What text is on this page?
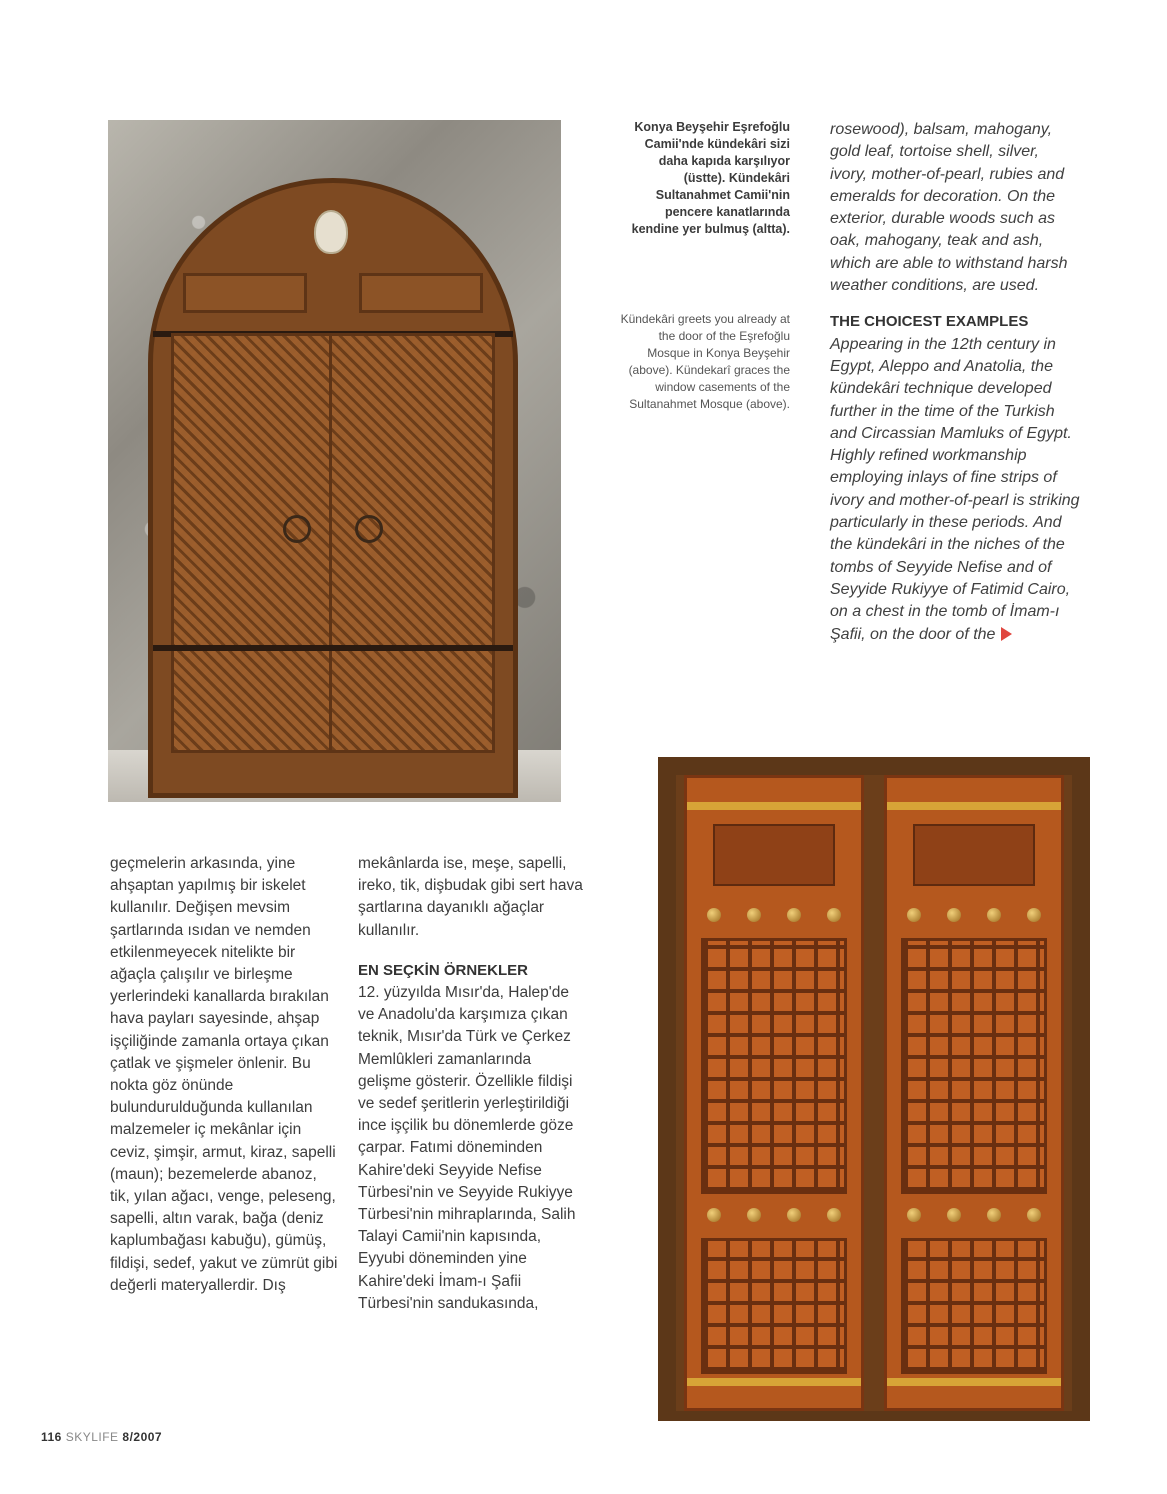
Konya Beyşehir Eşrefoğlu Camii'nde kündekâri sizi daha kapıda karşılıyor (üstte). Kündekâri Sultanahmet Camii'nin pencere kanatlarında kendine yer bulmuş (altta).
Kündekâri greets you already at the door of the Eşrefoğlu Mosque in Konya Beyşehir (above). Kündekarî graces the window casements of the Sultanahmet Mosque (above).

rosewood), balsam, mahogany, gold leaf, tortoise shell, silver, ivory, mother-of-pearl, rubies and emeralds for decoration. On the exterior, durable woods such as oak, mahogany, teak and ash, which are able to withstand harsh weather conditions, are used.

THE CHOICEST EXAMPLES

Appearing in the 12th century in Egypt, Aleppo and Anatolia, the kündekâri technique developed further in the time of the Turkish and Circassian Mamluks of Egypt. Highly refined workmanship employing inlays of fine strips of ivory and mother-of-pearl is striking particularly in these periods. And the kündekâri in the niches of the tombs of Seyyide Nefise and of Seyyide Rukiyye of Fatimid Cairo, on a chest in the tomb of İmam-ı Şafii, on the door of the

geçmelerin arkasında, yine ahşaptan yapılmış bir iskelet kullanılır. Değişen mevsim şartlarında ısıdan ve nemden etkilenmeyecek nitelikte bir ağaçla çalışılır ve birleşme yerlerindeki kanallarda bırakılan hava payları sayesinde, ahşap işçiliğinde zamanla ortaya çıkan çatlak ve şişmeler önlenir. Bu nokta göz önünde bulundurulduğunda kullanılan malzemeler iç mekânlar için ceviz, şimşir, armut, kiraz, sapelli (maun); bezemelerde abanoz, tik, yılan ağacı, venge, peleseng, sapelli, altın varak, bağa (deniz kaplumbağası kabuğu), gümüş, fildişi, sedef, yakut ve zümrüt gibi değerli materyallerdir. Dış

mekânlarda ise, meşe, sapelli, ireko, tik, dişbudak gibi sert hava şartlarına dayanıklı ağaçlar kullanılır.

EN SEÇKİN ÖRNEKLER

12. yüzyılda Mısır'da, Halep'de ve Anadolu'da karşımıza çıkan teknik, Mısır'da Türk ve Çerkez Memlûkleri zamanlarında gelişme gösterir. Özellikle fildişi ve sedef şeritlerin yerleştirildiği ince işçilik bu dönemlerde göze çarpar. Fatımi döneminden Kahire'deki Seyyide Nefise Türbesi'nin ve Seyyide Rukiyye Türbesi'nin mihraplarında, Salih Talayi Camii'nin kapısında, Eyyubi döneminden yine Kahire'deki İmam-ı Şafii Türbesi'nin sandukasında,

116 SKYLIFE 8/2007
